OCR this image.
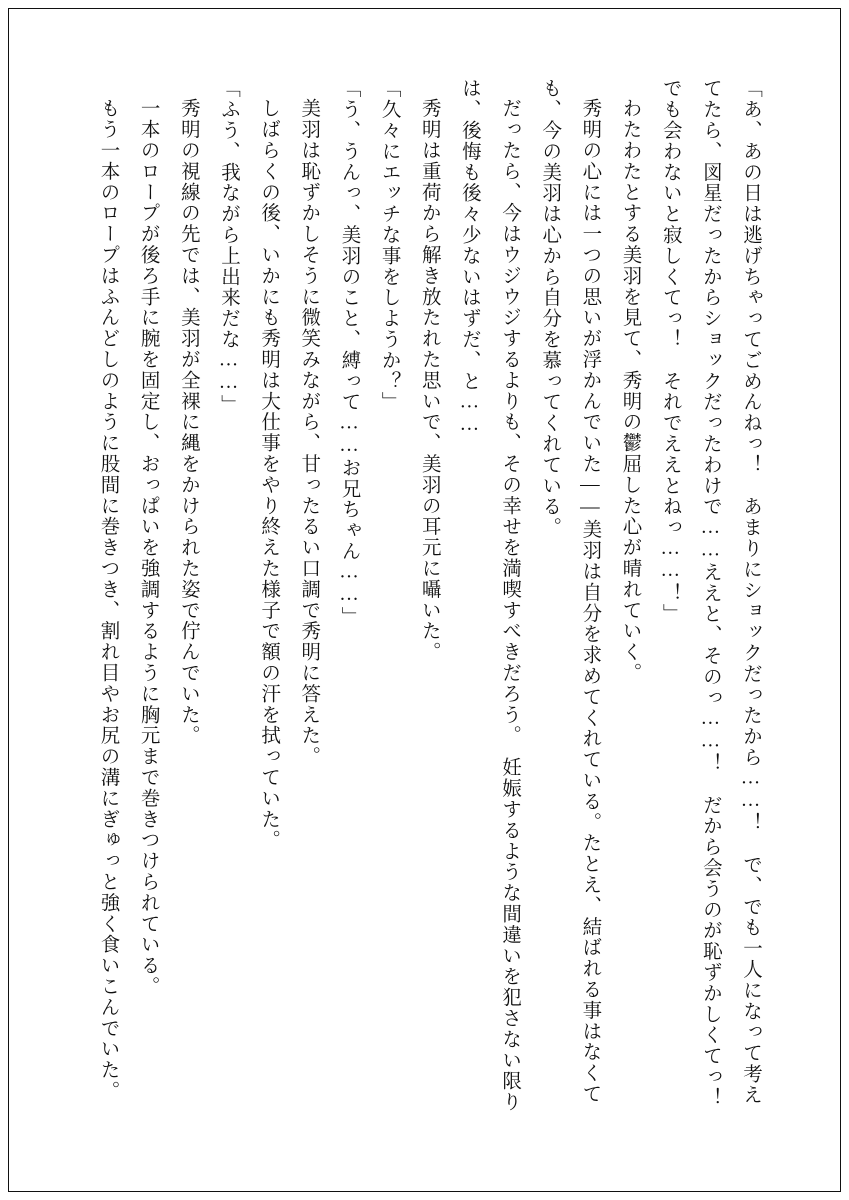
「あ、あの日は逃げちゃってごめんねっ！　あまりにショックだったから……！　で、でも一人になって考えてたら、図星だったからショックだったわけで……ええと、そのっ……！　だから会うのが恥ずかしくてっ！　でも会わないと寂しくてっ！　それでええとねっ……！」

わたわたとする美羽を見て、秀明の鬱屈した心が晴れていく。

秀明の心には一つの思いが浮かんでいた――美羽は自分を求めてくれている。たとえ、結ばれる事はなくても、今の美羽は心から自分を慕ってくれている。

だったら、今はウジウジするよりも、その幸せを満喫すべきだろう。　妊娠するような間違いを犯さない限りは、後悔も後々少ないはずだ、と……

秀明は重荷から解き放たれた思いで、美羽の耳元に囁いた。

「久々にエッチな事をしようか？」

「う、うんっ、美羽のこと、縛って……お兄ちゃん……」

美羽は恥ずかしそうに微笑みながら、甘ったるい口調で秀明に答えた。

しばらくの後、いかにも秀明は大仕事をやり終えた様子で額の汗を拭っていた。

「ふう、我ながら上出来だな……」

秀明の視線の先では、美羽が全裸に縄をかけられた姿で佇んでいた。

一本のロープが後ろ手に腕を固定し、おっぱいを強調するように胸元まで巻きつけられている。

もう一本のロープはふんどしのように股間に巻きつき、割れ目やお尻の溝にぎゅっと強く食いこんでいた。
